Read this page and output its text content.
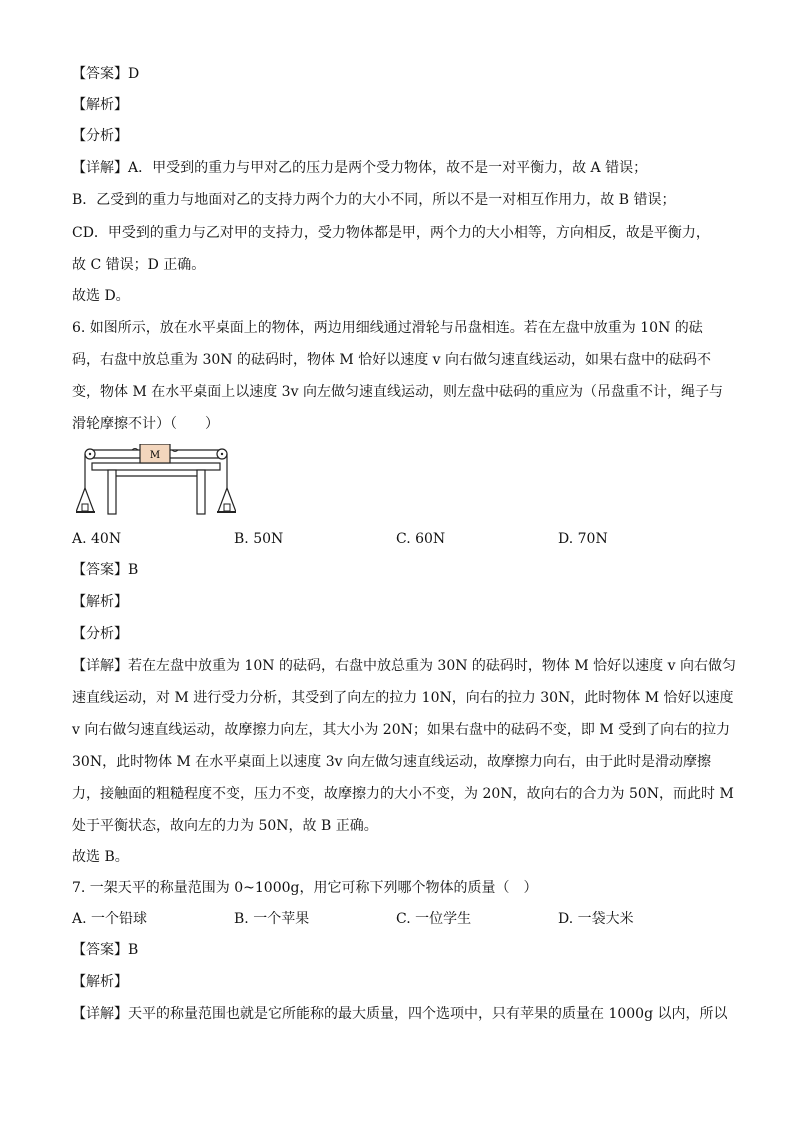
【答案】D
【解析】
【分析】
【详解】A．甲受到的重力与甲对乙的压力是两个受力物体，故不是一对平衡力，故 A 错误；
B．乙受到的重力与地面对乙的支持力两个力的大小不同，所以不是一对相互作用力，故 B 错误；
CD．甲受到的重力与乙对甲的支持力，受力物体都是甲，两个力的大小相等，方向相反，故是平衡力，
故 C 错误；D 正确。
故选 D。
6. 如图所示，放在水平桌面上的物体，两边用细线通过滑轮与吊盘相连。若在左盘中放重为 10N 的砝
码，右盘中放总重为 30N 的砝码时，物体 M 恰好以速度 v 向右做匀速直线运动，如果右盘中的砝码不
变，物体 M 在水平桌面上以速度 3v 向左做匀速直线运动，则左盘中砝码的重应为（吊盘重不计，绳子与
滑轮摩擦不计）（　　）
M
A. 40N	B. 50N	C. 60N	D. 70N
【答案】B
【解析】
【分析】
【详解】若在左盘中放重为 10N 的砝码，右盘中放总重为 30N 的砝码时，物体 M 恰好以速度 v 向右做匀
速直线运动，对 M 进行受力分析，其受到了向左的拉力 10N，向右的拉力 30N，此时物体 M 恰好以速度
v 向右做匀速直线运动，故摩擦力向左，其大小为 20N；如果右盘中的砝码不变，即 M 受到了向右的拉力
30N，此时物体 M 在水平桌面上以速度 3v 向左做匀速直线运动，故摩擦力向右，由于此时是滑动摩擦
力，接触面的粗糙程度不变，压力不变，故摩擦力的大小不变，为 20N，故向右的合力为 50N，而此时 M
处于平衡状态，故向左的力为 50N，故 B 正确。
故选 B。
7. 一架天平的称量范围为 0~1000g，用它可称下列哪个物体的质量（　）
A. 一个铅球	B. 一个苹果	C. 一位学生	D. 一袋大米
【答案】B
【解析】
【详解】天平的称量范围也就是它所能称的最大质量，四个选项中，只有苹果的质量在 1000g 以内，所以
